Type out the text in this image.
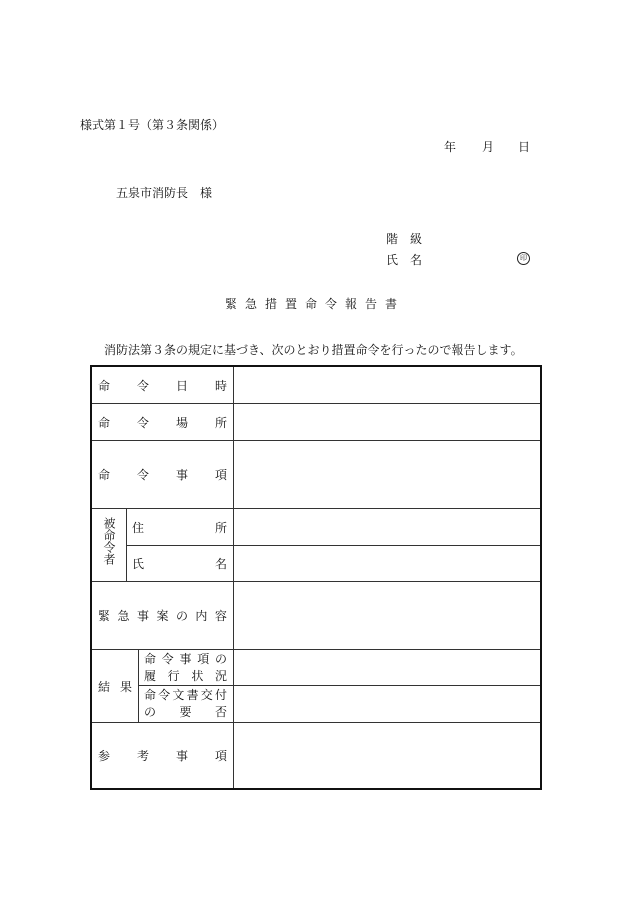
様式第１号（第３条関係）
年 月 日
五泉市消防長　様
階　級
氏　名	印
緊急措置命令報告書
消防法第３条の規定に基づき、次のとおり措置命令を行ったので報告します。
命 令 日 時
命 令 場 所
命 令 事 項
被命令者 住	所
氏	名
緊 急 事 案 の 内 容
結 果
命 令 事 項 の
履 行 状 況
命 令 文 書 交 付
の 要 否
参 考 事 項
